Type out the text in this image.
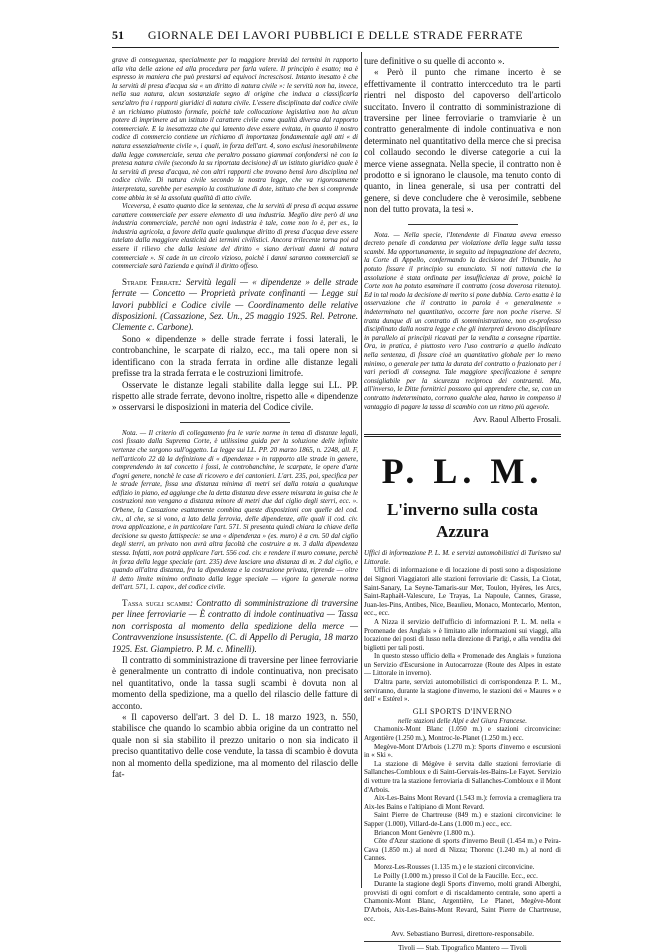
51	GIORNALE DEI LAVORI PUBBLICI E DELLE STRADE FERRATE

grave di conseguenza, specialmente per la maggiore brevità dei termini in rapporto alla vita delle azione ed alla procedura per farla valere. Il principio è esatto; ma è espresso in maniera che può prestarsi ad equivoci increscisosi. Intanto inesatto è che la servitù di presa d'acqua sia « un diritto di natura civile »: le servitù non ha, invece, nella sua natura, alcun sostanziale segno di origine che induca a classificarla senz'altro fra i rapporti giuridici di natura civile. L'essere disciplinata dal codice civile è un richiamo piuttosto formale, poichè tale collocazione legislativa non ha alcun potere di imprimere ad un istituto il carattere civile come qualità diversa dal rapporto commerciale. E la inesattezza che qui lamento deve essere evitata, in quanto il nostro codice di commercio contiene un richiamo di importanza fondamentale agli atti « di natura essenzialmente civile », i quali, in forza dell'art. 4, sono esclusi inesorabilmente dalla legge commerciale, senza che peraltro possano giammai confondersi nè con la pretesa natura civile (secondo la su riportata decisione) di un istituto giuridico quale è la servitù di presa d'acqua, nè con altri rapporti che trovano bensì loro disciplina nel codice civile. Di natura civile secondo la nostra legge, che va rigorosamente interpretata, sarebbe per esempio la costituzione di dote, istituto che ben si comprende come abbia in sè la assoluta qualità di atto civile.

Viceversa, è esatto quanto dice la sentenza, che la servitù di presa di acqua assume carattere commerciale per essere elemento di una industria. Meglio dire però di una industria commerciale, perchè non ogni industria è tale, come non lo è, per es., la industria agricola, a favore della quale qualunque diritto di presa d'acqua deve essere tutelato dalla maggiore elasticità dei termini civilistici. Ancora trilecente torna poi ad essere il rilievo che dalla lesione del diritto « siano derivati danni di natura commerciale ». Si cade in un circolo vizioso, poichè i danni saranno commerciali se commerciale sarà l'azienda e quindi il diritto offeso.

Strade Ferrate: Servitù legali — « dipendenze » delle strade ferrate — Concetto — Proprietà private confinanti — Legge sui lavori pubblici e Codice civile — Coordinamento delle relative disposizioni. (Cassazione, Sez. Un., 25 maggio 1925. Rel. Petrone. Clemente c. Carbone).

Sono « dipendenze » delle strade ferrate i fossi laterali, le controbanchine, le scarpate di rialzo, ecc., ma tali opere non si identificano con la strada ferrata in ordine alle distanze legali prefisse tra la strada ferrata e le costruzioni limitrofe.

Osservate le distanze legali stabilite dalla legge sui LL. PP. rispetto alle strade ferrate, devono inoltre, rispetto alle « dipendenze » osservarsi le disposizioni in materia del Codice civile.

Nota. — Il criterio di collegamento fra le varie norme in tema di distanze legali, così fissato dalla Suprema Corte, è utilissima guida per la soluzione delle infinite vertenze che sorgono sull'oggetto. La legge sui LL. PP. 20 marzo 1865, n. 2248, all. F, nell'articolo 22 dà la definizione di « dipendenze » in rapporto alle strade in genere, comprendendo in tal concetto i fossi, le controbanchine, le scarpate, le opere d'arte d'ogni genere, nonchè le case di ricovero e dei cantonieri. L'art. 235, poi, specifica per le strade ferrate, fissa una distanza minima di metri sei dalla rotaia a qualunque edifizio in piano, ed aggiunge che la detta distanza deve essere misurata in guisa che le costruzioni non vengano a distanza minore di metri due dal ciglio degli sterri, ecc. ». Orbene, la Cassazione esattamente combina queste disposizioni con quelle del cod. civ., al che, se si vono, a lato della ferrovia, delle dipendenze, alle quali il cod. civ. trova applicazione, e in particolare l'art. 571. Si presenta quindi chiara la chiave della decisione su questo fattispecie: se una « dipendenza » (es. muro) è a cm. 50 dal ciglio degli sterri, un privato non avrà altra facoltà che costruire a m. 3 dalla dipendenza stessa. Infatti, non potrà applicare l'art. 556 cod. civ. e rendere il muro comune, perchè in forza della legge speciale (art. 235) deve lasciare una distanza di m. 2 dal ciglio, e quando all'altra distanza, fra la dipendenza e la costruzione privata, riprende — oltre il detto limite minimo ordinato dalla legge speciale — vigore la generale norma dell'art. 571, 1. capov., del codice civile.

Tassa sugli scambi: Contratto di somministrazione di traversine per linee ferroviarie — È contratto di indole continuativa — Tassa non corrisposta al momento della spedizione della merce — Contravvenzione insussistente. (C. di Appello di Perugia, 18 marzo 1925. Est. Giampietro. P. M. c. Minelli).

Il contratto di somministrazione di traversine per linee ferroviarie è generalmente un contratto di indole continuativa, non precisato nel quantitativo, onde la tassa sugli scambi è dovuta non al momento della spedizione, ma a quello del rilascio delle fatture di acconto.

« Il capoverso dell'art. 3 del D. L. 18 marzo 1923, n. 550, stabilisce che quando lo scambio abbia origine da un contratto nel quale non si sia stabilito il prezzo unitario o non sia indicato il preciso quantitativo delle cose vendute, la tassa di scambio è dovuta non al momento della spedizione, ma al momento del rilascio delle fat-

ture definitive o su quelle di acconto ».

« Però il punto che rimane incerto è se effettivamente il contratto intercceduto tra le parti rientri nel disposto del capoverso dell'articolo succitato. Invero il contratto di somministrazione di traversine per linee ferroviarie o tramviarie è un contratto generalmente di indole continuativa e non determinato nel quantitativo della merce che si precisa col collaudo secondo le diverse categorie a cui la merce viene assegnata. Nella specie, il contratto non è prodotto e si ignorano le clausole, ma tenuto conto di quanto, in linea generale, si usa per contratti del genere, si deve concludere che è verosimile, sebbene non del tutto provata, la tesi ».

Nota. — Nella specie, l'Intendente di Finanza aveva emesso decreto penale di condanna per violazione della legge sulla tassa scambi. Ma opportunamente, in seguito ad impugnazione del decreto, la Corte di Appello, confermando la decisione del Tribunale, ha potuto fissare il principio su enunciato. Si noti tuttavia che la assoluzione è stata ordinata per insufficienza di prove, poichè la Corte non ha potuto esaminare il contratto (cosa doverosa ritenuto). Ed in tal modo la decisione di merito si pone dubbia. Certo esatta è la osservazione che il contratto in parola è « generalmente » indeterminato nel quantitativo, occorre fare non poche riserve. Si tratta dunque di un contratto di somministrazione, non ex-professo disciplinato dalla nostra legge e che gli interpreti devono disciplinare in parallelo ai principii ricavati per la vendita a consegne ripartite. Ora, in pratica, è piuttosto vero l'uso contrario a quello indicato nella sentenza, di fissare cioè un quantitativo globale per lo meno minimo, o generale per tutta la durata del contratto o frazionato per i vari periodi di consegna. Tale maggiore specificazione è sempre consigliabile per la sicurezza reciproca dei contraenti. Ma, all'inverso, le Ditte fornitrici possono qui apprendere che, se, con un contratto indeterminato, corrono qualche alea, hanno in compenso il vantaggio di pagare la tassa di scambio con un ritmo più agevole.

Avv. Raoul Alberto Frosali.

P. L. M.

L'inverno sulla costa Azzura

Uffici di informazione P. L. M. e servizi automobilistici di Turismo sul Littorale.

Uffici di informazione e di locazione di posti sono a disposizione dei Signori Viaggiatori alle stazioni ferroviarie di: Cassis, La Ciotat, Saint-Sanary, La Seyne-Tamaris-sur Mer, Toulon, Hyères, les Arcs, Saint-Raphaël-Valescure, Le Trayas, La Napoule, Cannes, Grasse, Juan-les-Pins, Antibes, Nice, Beaulieu, Monaco, Montecarlo, Menton, ecc., ecc.

A Nizza il servizio dell'ufficio di informazioni P. L. M. nella « Promenade des Anglais » è limitato alle informazioni sui viaggi, alla locazione dei posti di lusso nella direzione di Parigi, e alla vendita dei biglietti per tali posti.

In questo stesso ufficio della « Promenade des Anglais » funziona un Servizio d'Escursione in Autocarrozze (Route des Alpes in estate — Littorale in inverno).

D'altra parte, servizi automobilistici di corrispondenza P. L. M., serviranno, durante la stagione d'inverno, le stazioni dei « Maures » e dell' « Estérel ».

GLI SPORTS D'INVERNO

nelle stazioni delle Alpi e del Giura Francese.

Chamonix-Mont Blanc (1.050 m.) e stazioni circonvicine: Argentière (1.250 m.), Montroc-le-Planet (1.250 m.) ecc.

Megève-Mont D'Arbois (1.270 m.): Sports d'inverno e escursioni in « Ski ».

La stazione di Mégève è servita dalle stazioni ferroviarie di Sallanches-Combloux e di Saint-Gervais-les-Bains-Le Fayet. Servizio di vetture tra la stazione ferroviaria di Sallanches-Combloux e il Mont d'Arbois.

Aix-Les-Bains Mont Revard (1.543 m.): ferrovia a cremagliera tra Aix-les Bains e l'altipiano di Mont Revard.

Saint Pierre de Chartreuse (849 m.) e stazioni circonvicine: le Sapper (1.000), Villard-de-Lans (1.000 m.) ecc., ecc.

Briancon Mont Genèvre (1.800 m.).

Côte d'Azur stazione di sports d'inverno Beuil (1.454 m.) e Peira-Cava (1.850 m.) al nord di Nizza; Thorenc (1.240 m.) al nord di Cannes.

Morez-Les-Rousses (1.135 m.) e le stazioni circonvicine.

Le Poilly (1.000 m.) presso il Col de la Faucille. Ecc., ecc.

Durante la stagione degli Sports d'inverno, molti grandi Alberghi, provvisti di ogni comfort e di riscaldamento centrale, sono aperti a Chamonix-Mont Blanc, Argentière, Le Planet, Megève-Mont D'Arbois, Aix-Les-Bains-Mont Revard, Saint Pierre de Chartreuse, ecc.

Avv. Sebastiano Burresi, direttore-responsabile.

Tivoli — Stab. Tipografico Mantero — Tivoli
